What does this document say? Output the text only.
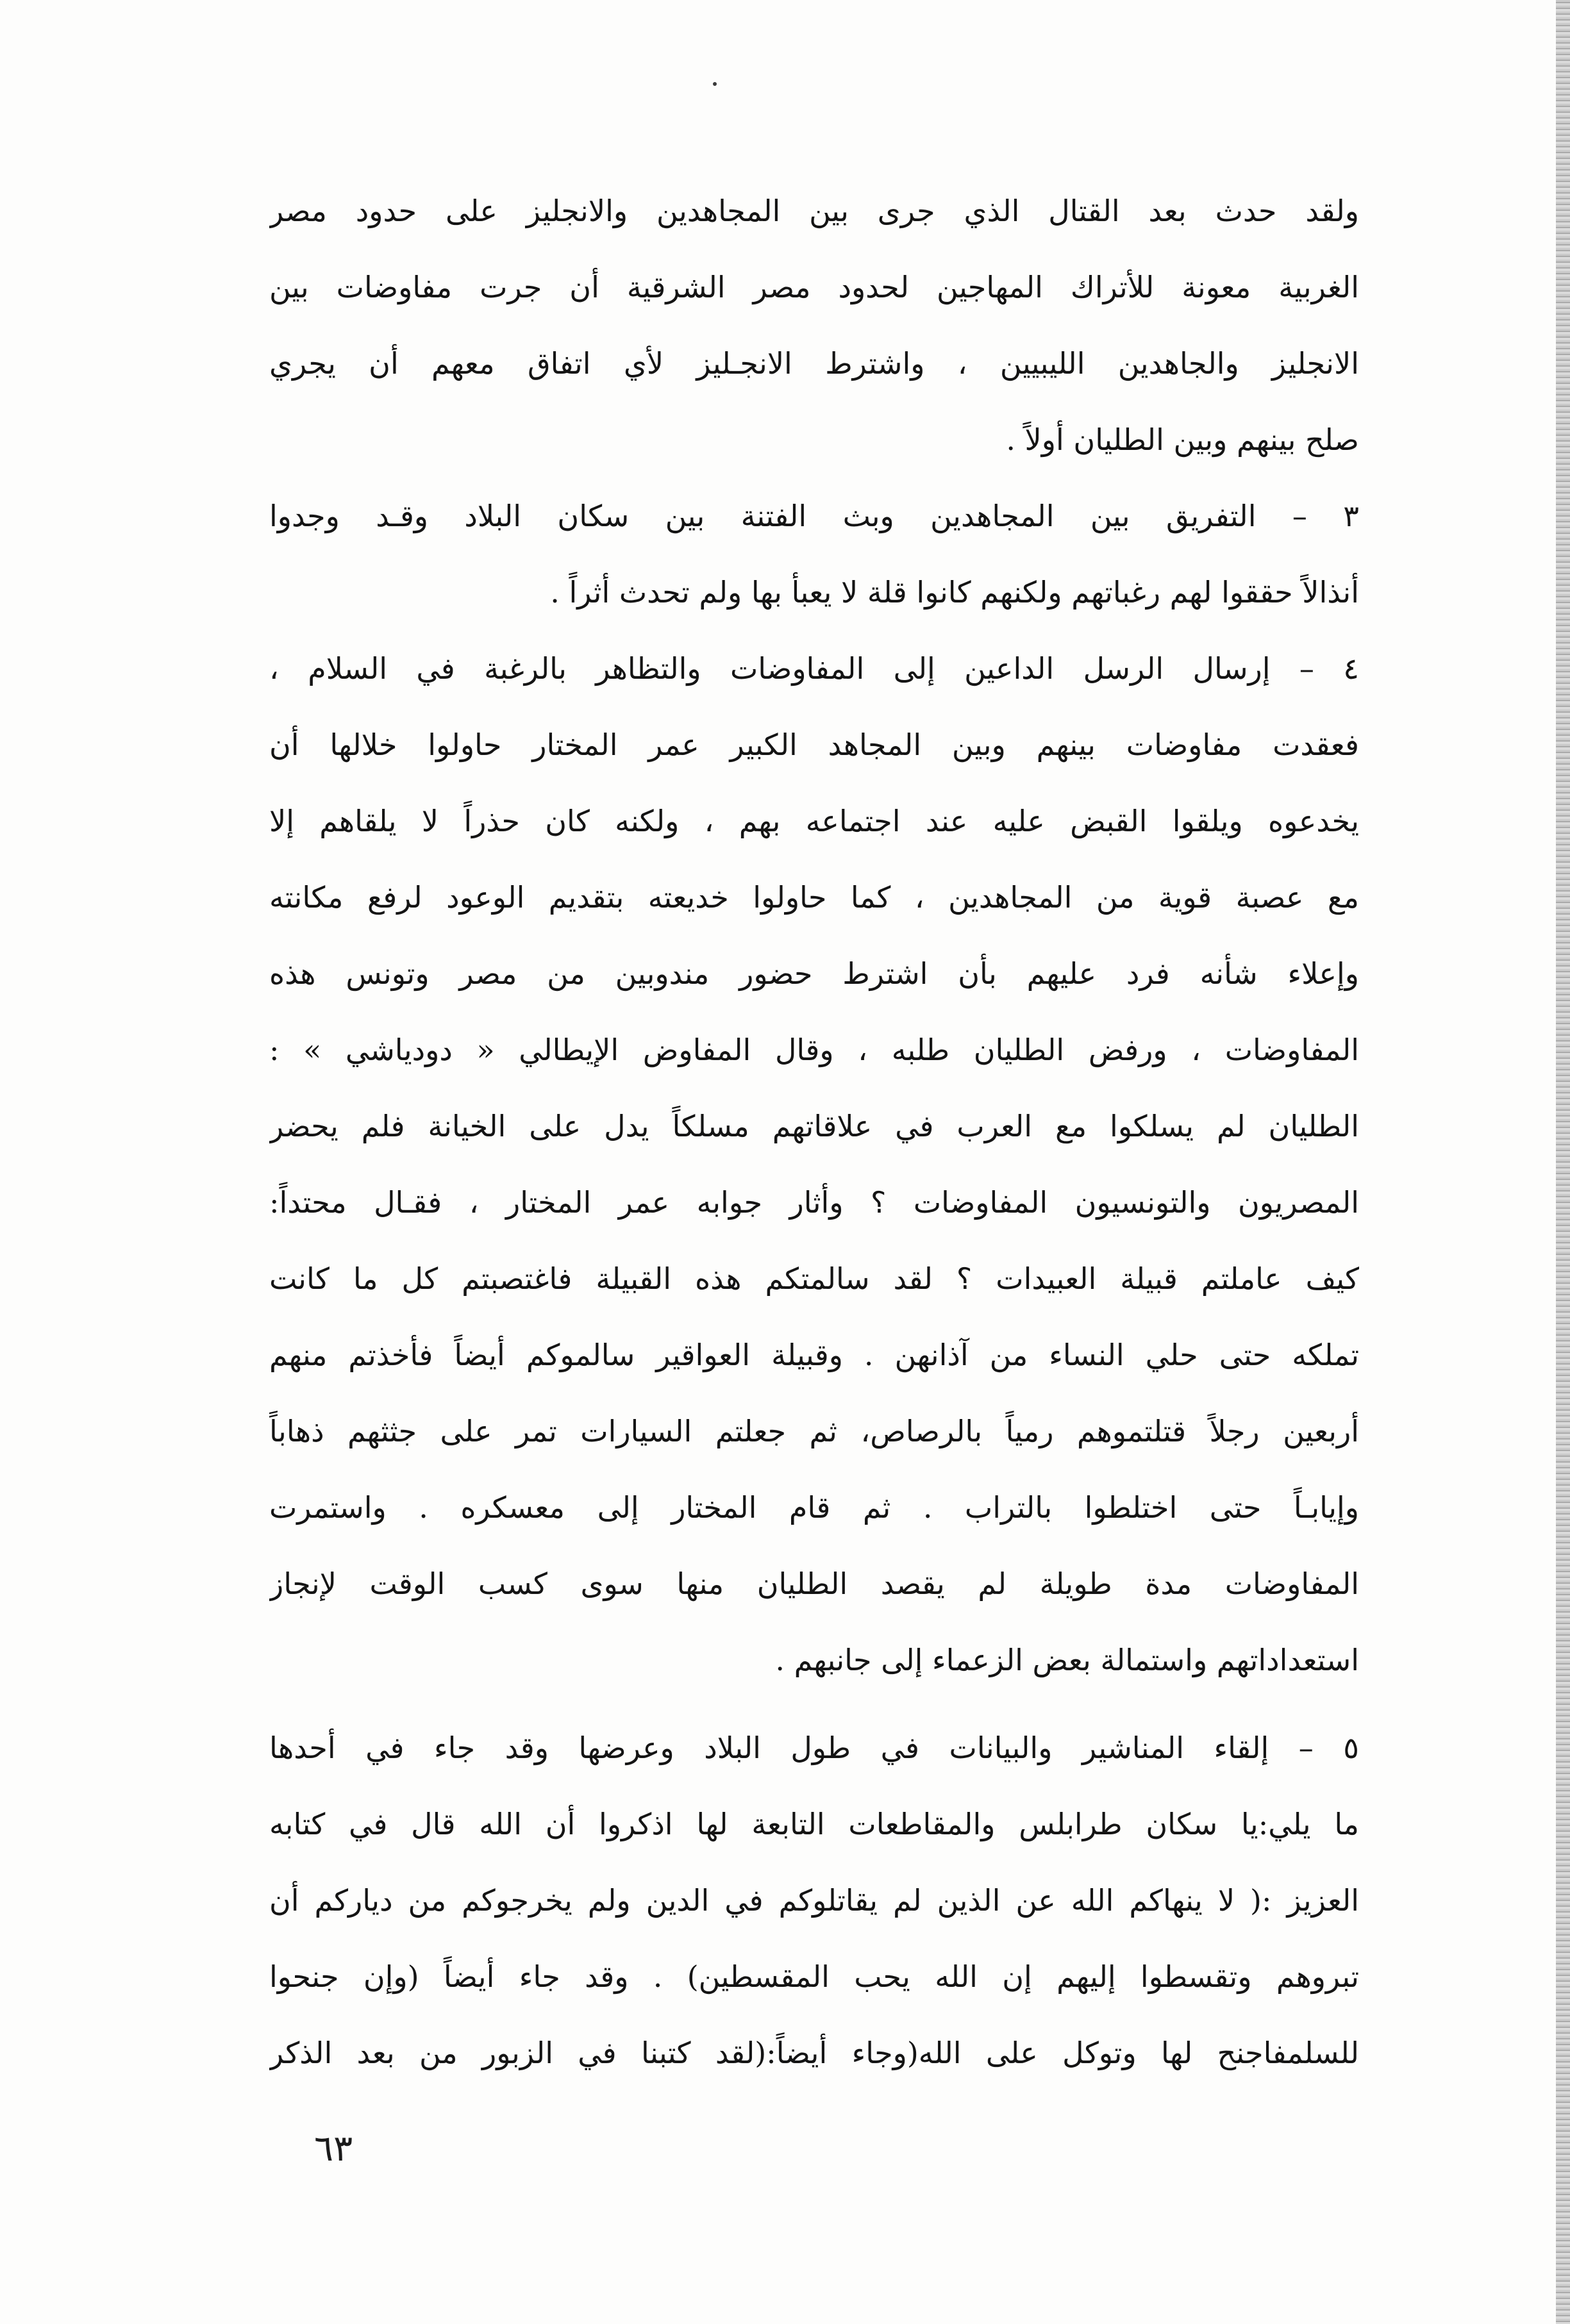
ولقد حدث بعد القتال الذي جرى بين المجاهدين والانجليز على حدود مصر
الغربية معونة للأتراك المهاجين لحدود مصر الشرقية أن جرت مفاوضات بين
الانجليز والجاهدين الليبيين ، واشترط الانجـليز لأي اتفاق معهم أن يجري
صلح بينهم وبين الطليان أولاً .
٣ – التفريق بين المجاهدين وبث الفتنة بين سكان البلاد وقـد وجدوا
أنذالاً حققوا لهم رغباتهم ولكنهم كانوا قلة لا يعبأ بها ولم تحدث أثراً .
٤ – إرسال الرسل الداعين إلى المفاوضات والتظاهر بالرغبة في السلام ،
فعقدت مفاوضات بينهم وبين المجاهد الكبير عمر المختار حاولوا خلالها أن
يخدعوه ويلقوا القبض عليه عند اجتماعه بهم ، ولكنه كان حذراً لا يلقاهم إلا
مع عصبة قوية من المجاهدين ، كما حاولوا خديعته بتقديم الوعود لرفع مكانته
وإعلاء شأنه فرد عليهم بأن اشترط حضور مندوبين من مصر وتونس هذه
المفاوضات ، ورفض الطليان طلبه ، وقال المفاوض الإيطالي « دودياشي » :
الطليان لم يسلكوا مع العرب في علاقاتهم مسلكاً يدل على الخيانة فلم يحضر
المصريون والتونسيون المفاوضات ؟ وأثار جوابه عمر المختار ، فقـال محتداً:
كيف عاملتم قبيلة العبيدات ؟ لقد سالمتكم هذه القبيلة فاغتصبتم كل ما كانت
تملكه حتى حلي النساء من آذانهن . وقبيلة العواقير سالموكم أيضاً فأخذتم منهم
أربعين رجلاً قتلتموهم رمياً بالرصاص، ثم جعلتم السيارات تمر على جثثهم ذهاباً
وإيابـاً حتى اختلطوا بالتراب . ثم قام المختار إلى معسكره . واستمرت
المفاوضات مدة طويلة لم يقصد الطليان منها سوى كسب الوقت لإنجاز
استعداداتهم واستمالة بعض الزعماء إلى جانبهم .
٥ – إلقاء المناشير والبيانات في طول البلاد وعرضها وقد جاء في أحدها
ما يلي:يا سكان طرابلس والمقاطعات التابعة لها اذكروا أن الله قال في كتابه
العزيز :( لا ينهاكم الله عن الذين لم يقاتلوكم في الدين ولم يخرجوكم من دياركم أن
تبروهم وتقسطوا إليهم إن الله يحب المقسطين) . وقد جاء أيضاً (وإن جنحوا
للسلمفاجنح لها وتوكل على الله(وجاء أيضاً:(لقد كتبنا في الزبور من بعد الذكر
٦٣
